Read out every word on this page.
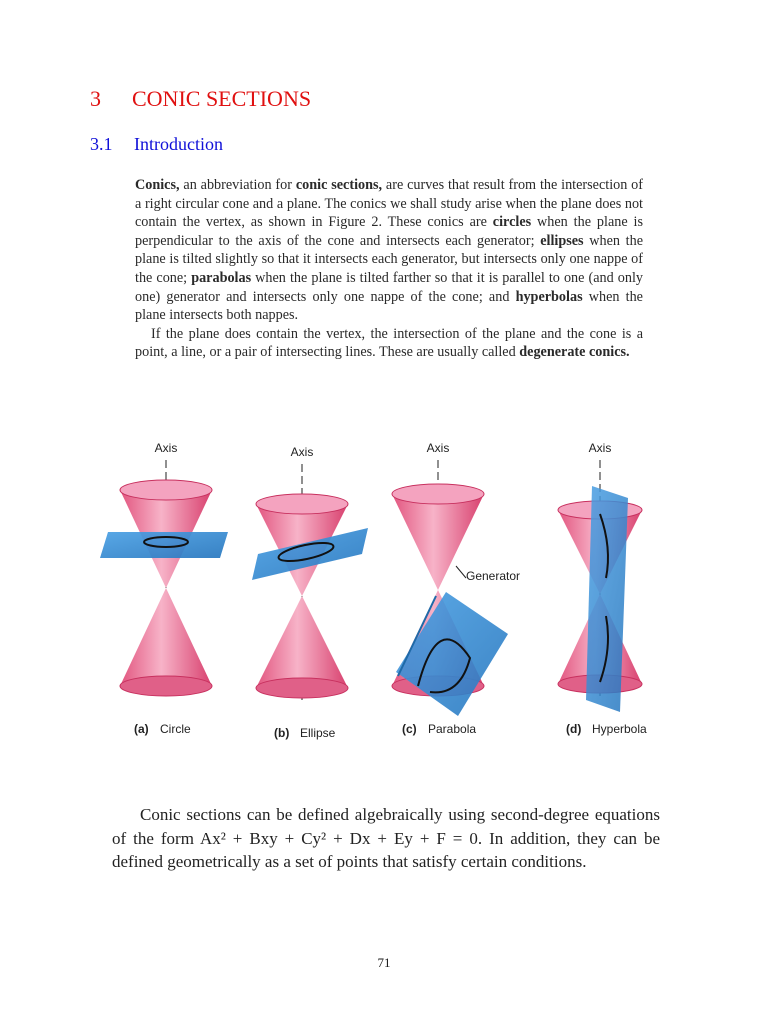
3 CONIC SECTIONS
3.1 Introduction

Conics, an abbreviation for conic sections, are curves that result from the intersection of a right circular cone and a plane. The conics we shall study arise when the plane does not contain the vertex, as shown in Figure 2. These conics are circles when the plane is perpendicular to the axis of the cone and intersects each generator; ellipses when the plane is tilted slightly so that it intersects each generator, but intersects only one nappe of the cone; parabolas when the plane is tilted farther so that it is parallel to one (and only one) generator and intersects only one nappe of the cone; and hyperbolas when the plane intersects both nappes.

If the plane does contain the vertex, the intersection of the plane and the cone is a point, a line, or a pair of intersecting lines. These are usually called degenerate conics.

Axis
(a) Circle
Axis
(b) Ellipse
Axis
Generator
(c) Parabola
Axis
(d) Hyperbola

Conic sections can be defined algebraically using second-degree equations of the form Ax² + Bxy + Cy² + Dx + Ey + F = 0. In addition, they can be defined geometrically as a set of points that satisfy certain conditions.

71
